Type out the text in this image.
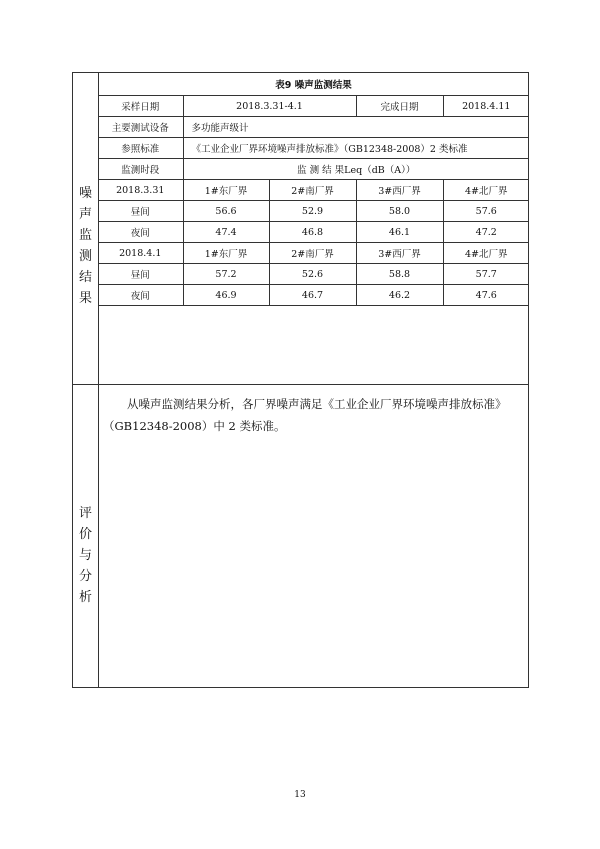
噪
声
监
测
结
果
评
价
与
分
析
表9 噪声监测结果				
采样日期	2018.3.31-4.1		完成日期	2018.4.11
主要测试设备	多功能声级计			
参照标准	《工业企业厂界环境噪声排放标准》（GB12348-2008）2 类标准			
监测时段	监 测 结 果Leq（dB（A））			
2018.3.31	1#东厂界	2#南厂界	3#西厂界	4#北厂界
昼间	56.6	52.9	58.0	57.6
夜间	47.4	46.8	46.1	47.2
2018.4.1	1#东厂界	2#南厂界	3#西厂界	4#北厂界
昼间	57.2	52.6	58.8	57.7
夜间	46.9	46.7	46.2	47.6
从噪声监测结果分析，各厂界噪声满足《工业企业厂界环境噪声排放标准》（GB12348-2008）中 2 类标准。
13
